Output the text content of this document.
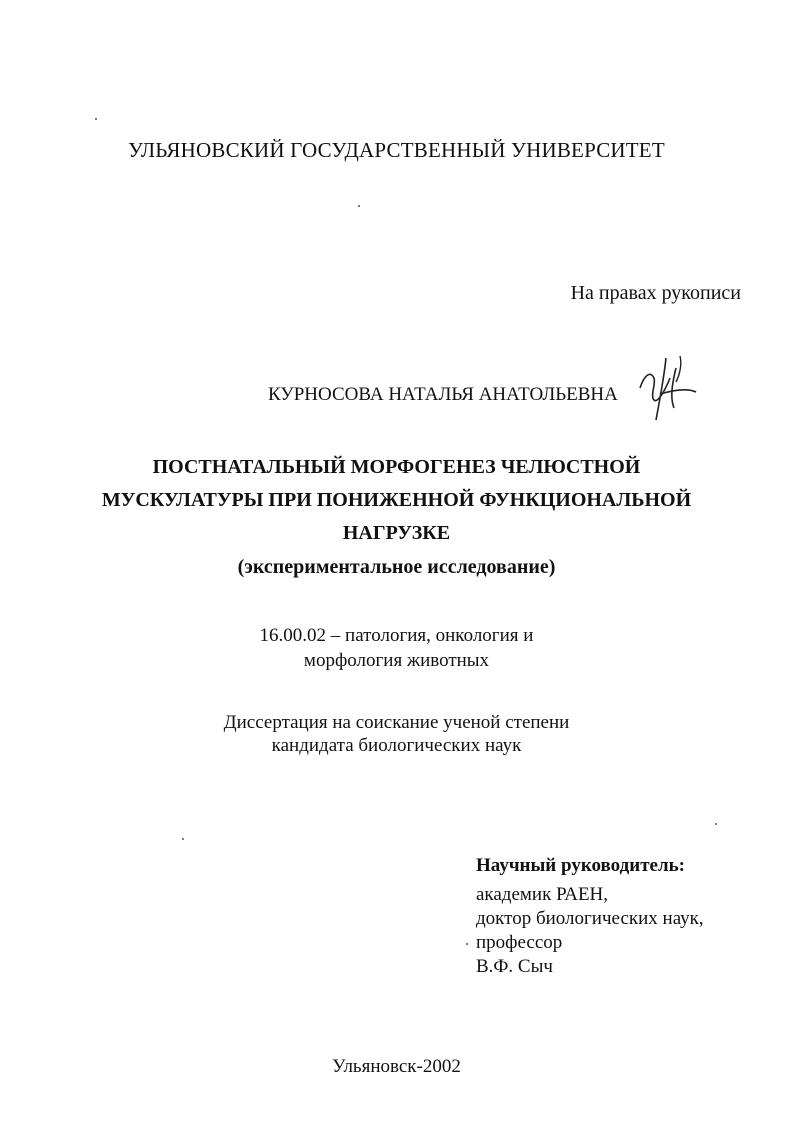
УЛЬЯНОВСКИЙ ГОСУДАРСТВЕННЫЙ УНИВЕРСИТЕТ
На правах рукописи
КУРНОСОВА НАТАЛЬЯ АНАТОЛЬЕВНА
ПОСТНАТАЛЬНЫЙ МОРФОГЕНЕЗ ЧЕЛЮСТНОЙ
МУСКУЛАТУРЫ ПРИ ПОНИЖЕННОЙ ФУНКЦИОНАЛЬНОЙ
НАГРУЗКЕ
(экспериментальное исследование)
16.00.02 – патология, онкология и
морфология животных
Диссертация на соискание ученой степени
кандидата биологических наук
Научный руководитель:
академик РАЕН,
доктор биологических наук,
профессор
В.Ф. Сыч
Ульяновск-2002
